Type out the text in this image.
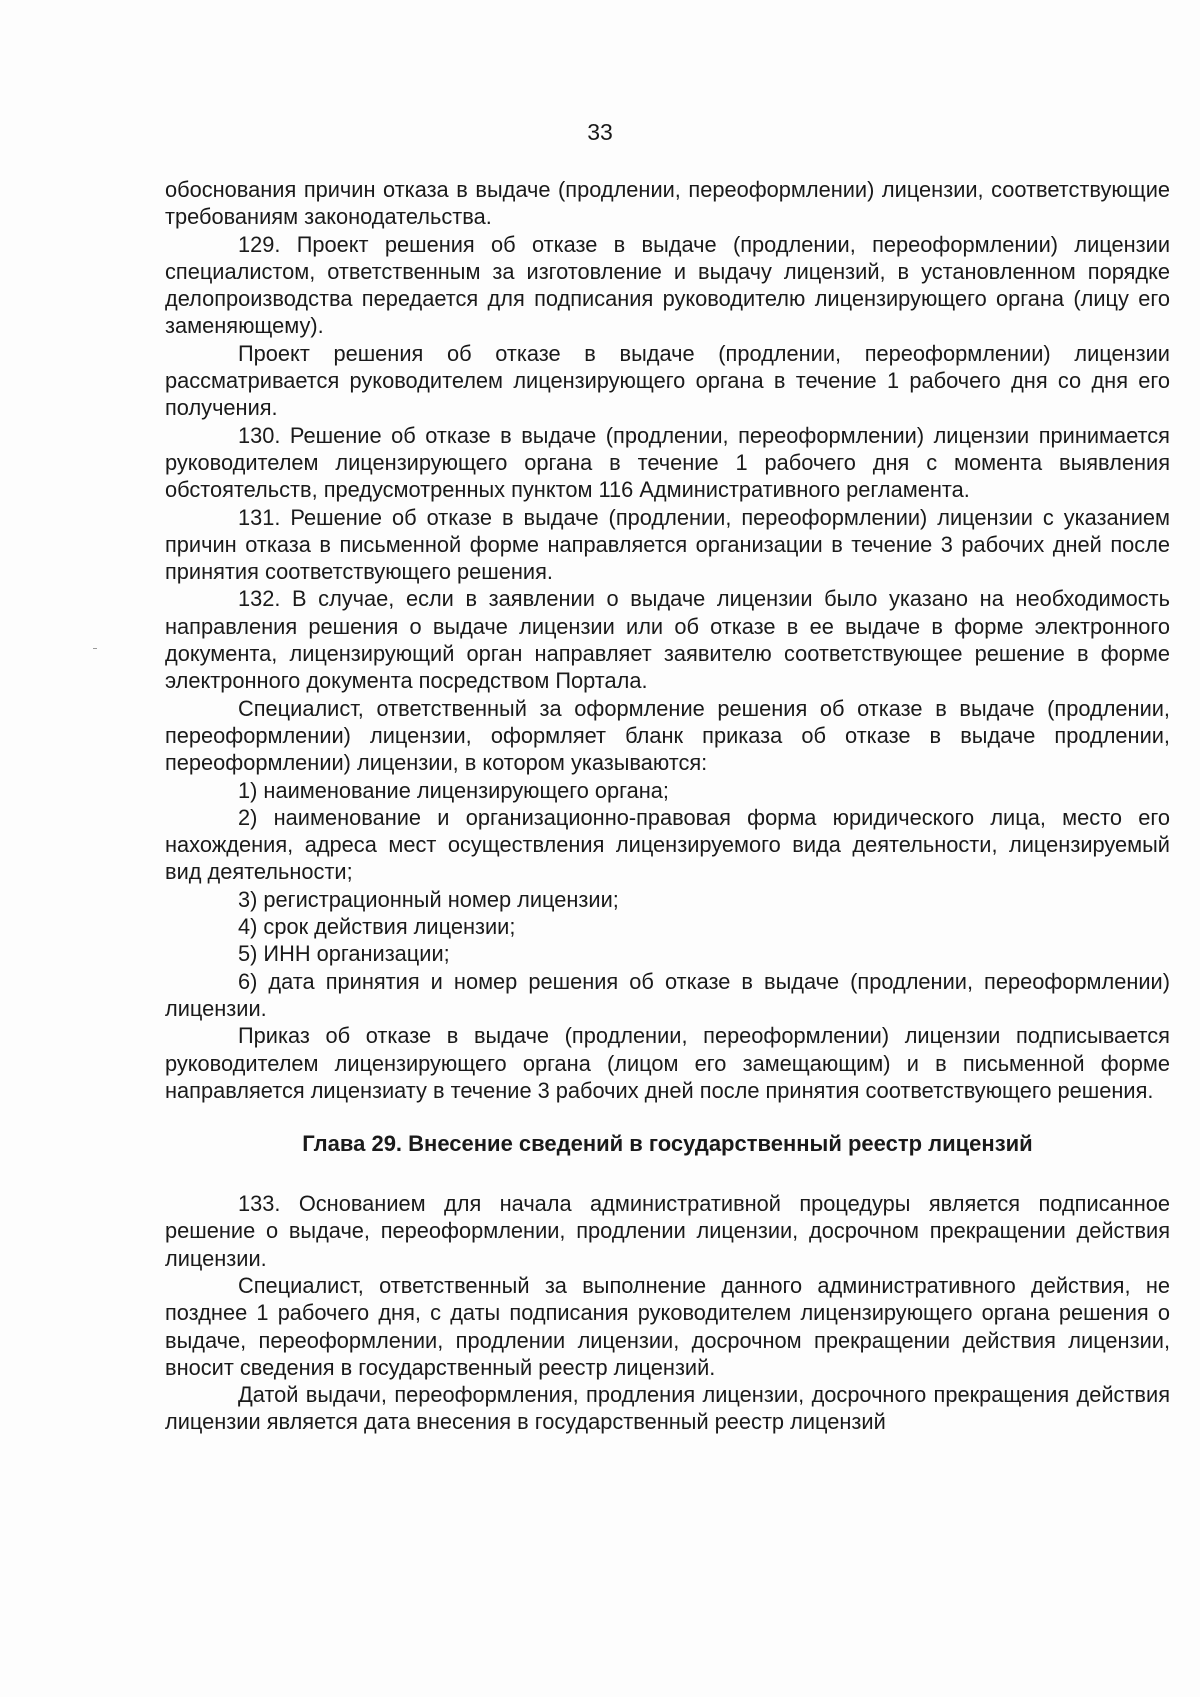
33

обоснования причин отказа в выдаче (продлении, переоформлении) лицензии, соответствующие требованиям законодательства.

129. Проект решения об отказе в выдаче (продлении, переоформлении) лицензии специалистом, ответственным за изготовление и выдачу лицензий, в установленном порядке делопроизводства передается для подписания руководителю лицензирующего органа (лицу его заменяющему).

Проект решения об отказе в выдаче (продлении, переоформлении) лицензии рассматривается руководителем лицензирующего органа в течение 1 рабочего дня со дня его получения.

130. Решение об отказе в выдаче (продлении, переоформлении) лицензии принимается руководителем лицензирующего органа в течение 1 рабочего дня с момента выявления обстоятельств, предусмотренных пунктом 116 Административного регламента.

131. Решение об отказе в выдаче (продлении, переоформлении) лицензии с указанием причин отказа в письменной форме направляется организации в течение 3 рабочих дней после принятия соответствующего решения.

132. В случае, если в заявлении о выдаче лицензии было указано на необходимость направления решения о выдаче лицензии или об отказе в ее выдаче в форме электронного документа, лицензирующий орган направляет заявителю соответствующее решение в форме электронного документа посредством Портала.

Специалист, ответственный за оформление решения об отказе в выдаче (продлении, переоформлении) лицензии, оформляет бланк приказа об отказе в выдаче продлении, переоформлении) лицензии, в котором указываются:

1) наименование лицензирующего органа;

2) наименование и организационно-правовая форма юридического лица, место его нахождения, адреса мест осуществления лицензируемого вида деятельности, лицензируемый вид деятельности;

3) регистрационный номер лицензии;

4) срок действия лицензии;

5) ИНН организации;

6) дата принятия и номер решения об отказе в выдаче (продлении, переоформлении) лицензии.

Приказ об отказе в выдаче (продлении, переоформлении) лицензии подписывается руководителем лицензирующего органа (лицом его замещающим) и в письменной форме направляется лицензиату в течение 3 рабочих дней после принятия соответствующего решения.

Глава 29. Внесение сведений в государственный реестр лицензий

133. Основанием для начала административной процедуры является подписанное решение о выдаче, переоформлении, продлении лицензии, досрочном прекращении действия лицензии.

Специалист, ответственный за выполнение данного административного действия, не позднее 1 рабочего дня, с даты подписания руководителем лицензирующего органа решения о выдаче, переоформлении, продлении лицензии, досрочном прекращении действия лицензии, вносит сведения в государственный реестр лицензий.

Датой выдачи, переоформления, продления лицензии, досрочного прекращения действия лицензии является дата внесения в государственный реестр лицензий
